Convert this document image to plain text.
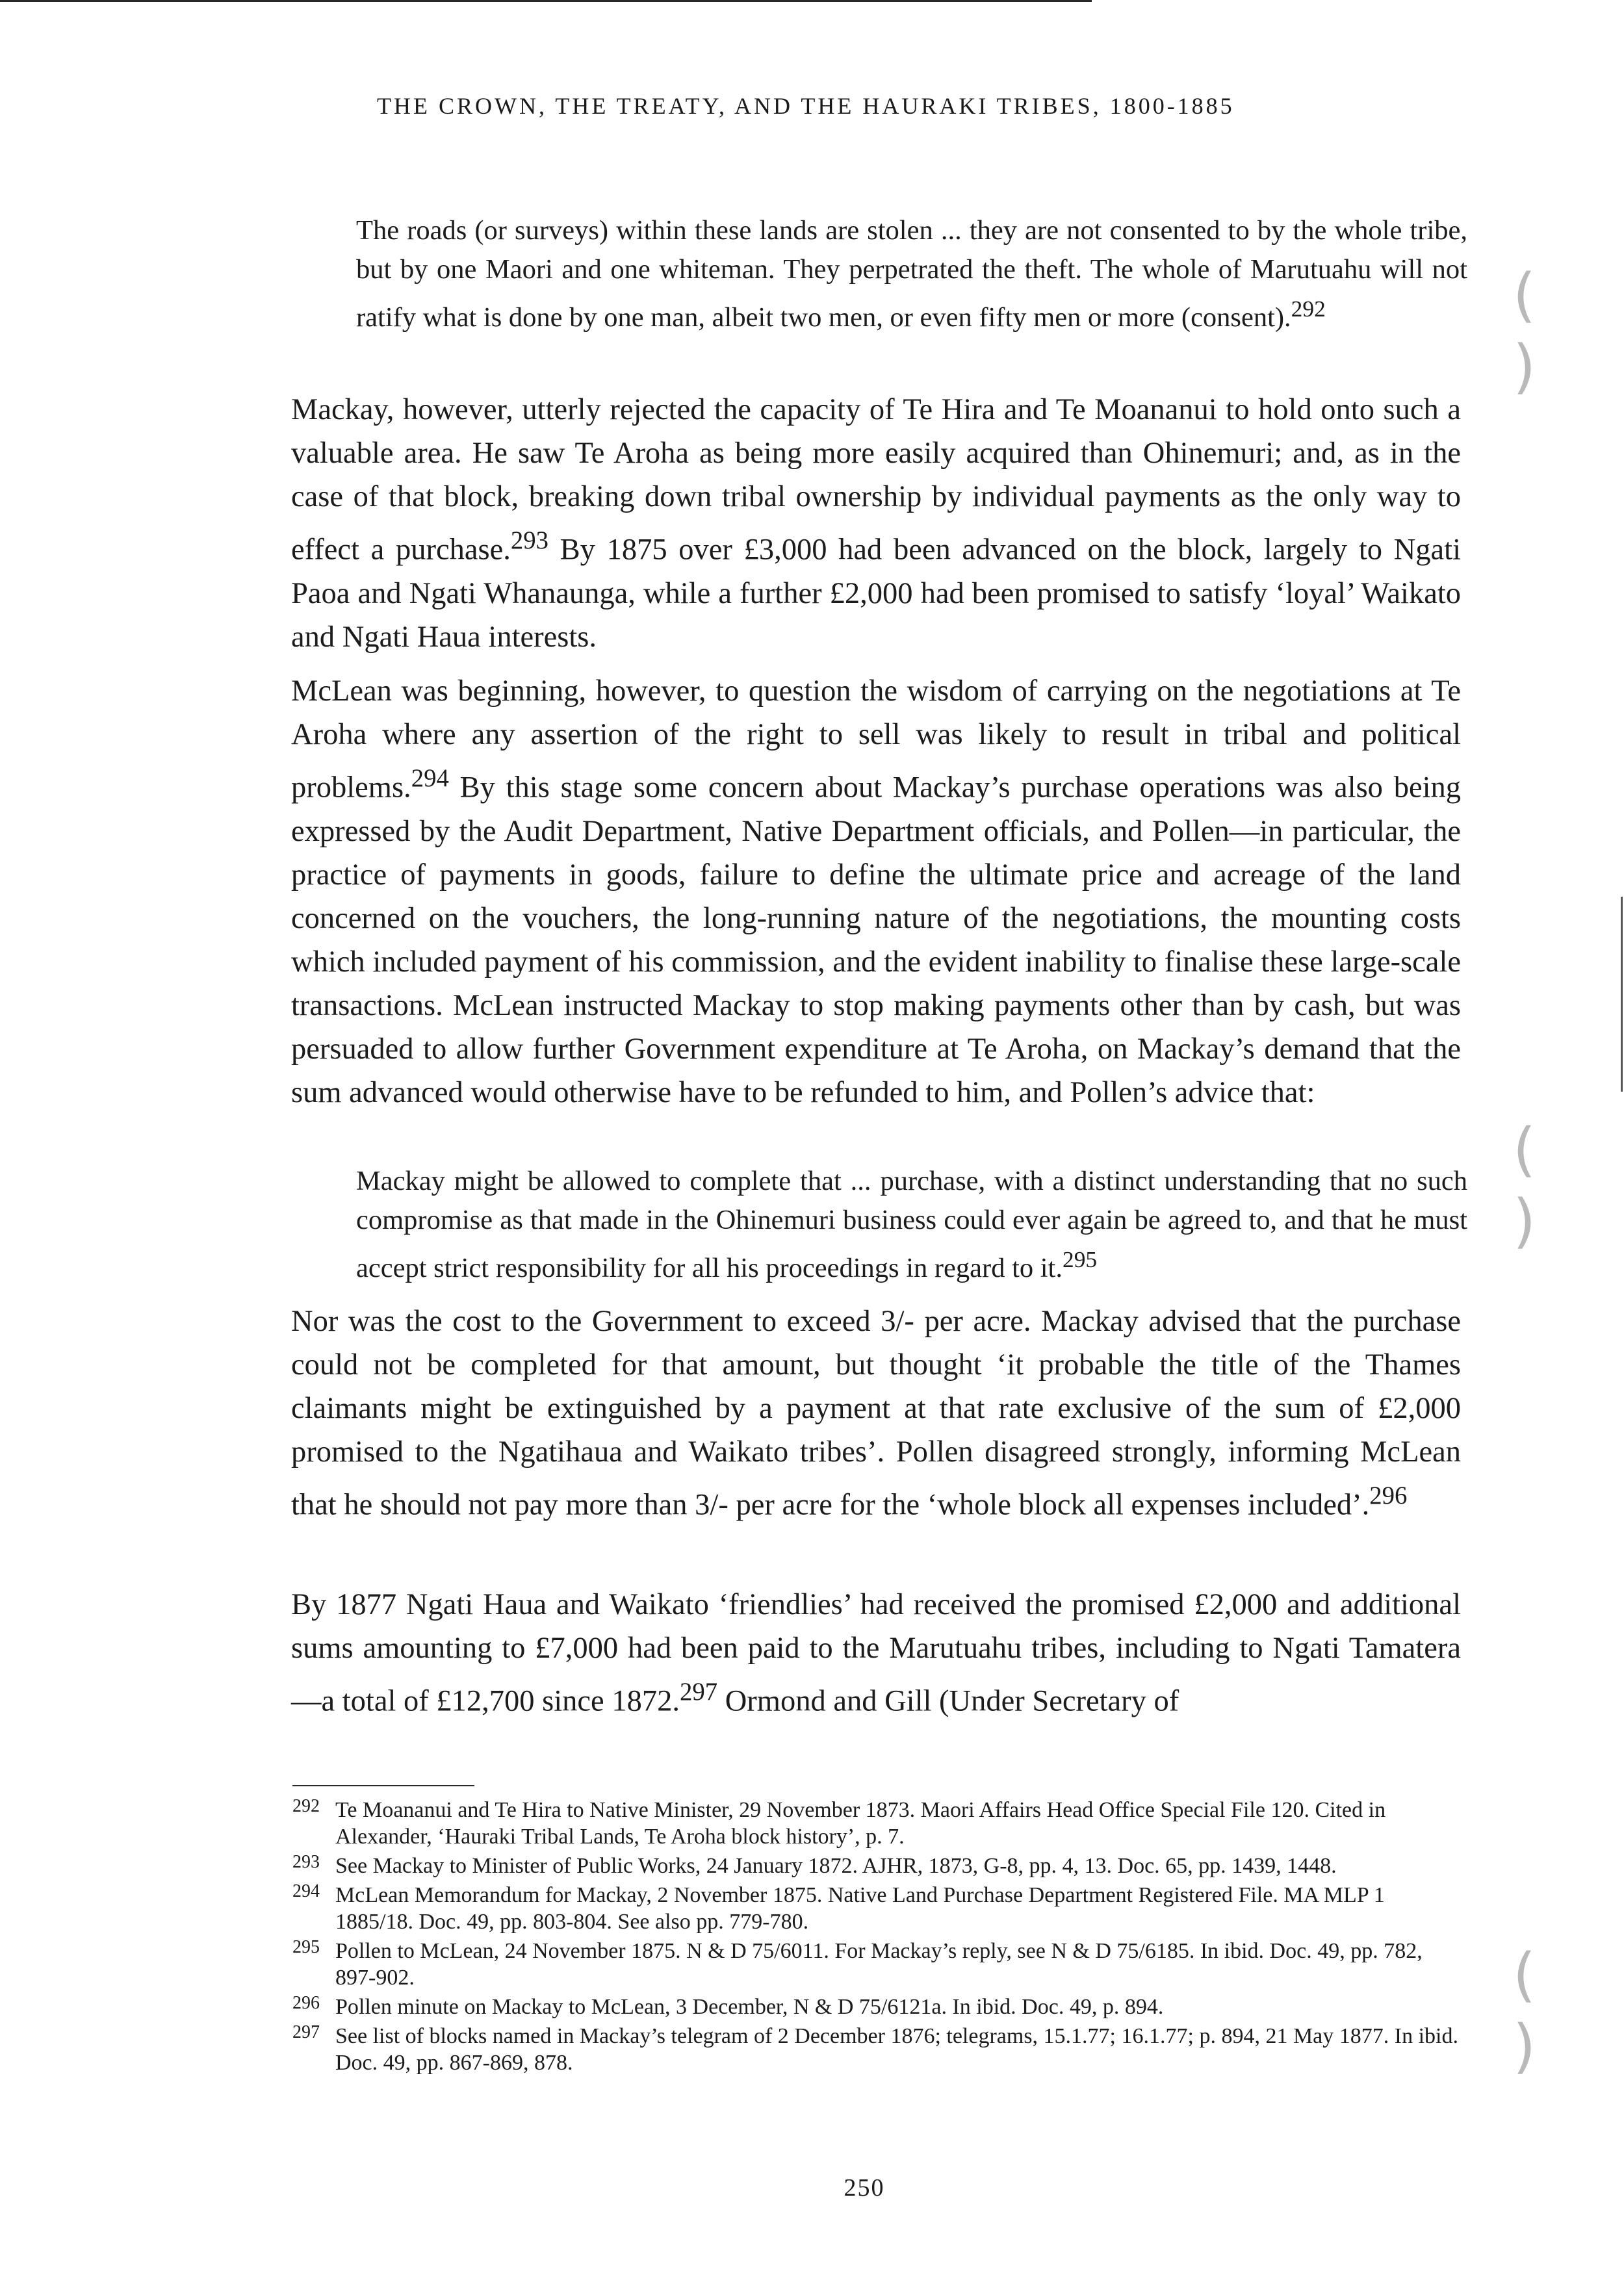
THE CROWN, THE TREATY, AND THE HAURAKI TRIBES, 1800-1885
The roads (or surveys) within these lands are stolen ... they are not consented to by the whole tribe, but by one Maori and one whiteman. They perpetrated the theft. The whole of Marutuahu will not ratify what is done by one man, albeit two men, or even fifty men or more (consent).$^{292}$
Mackay, however, utterly rejected the capacity of Te Hira and Te Moananui to hold onto such a valuable area. He saw Te Aroha as being more easily acquired than Ohinemuri; and, as in the case of that block, breaking down tribal ownership by individual payments as the only way to effect a purchase.$^{293}$ By 1875 over £3,000 had been advanced on the block, largely to Ngati Paoa and Ngati Whanaunga, while a further £2,000 had been promised to satisfy ‘loyal’ Waikato and Ngati Haua interests.
McLean was beginning, however, to question the wisdom of carrying on the negotiations at Te Aroha where any assertion of the right to sell was likely to result in tribal and political problems.$^{294}$ By this stage some concern about Mackay’s purchase operations was also being expressed by the Audit Department, Native Department officials, and Pollen—in particular, the practice of payments in goods, failure to define the ultimate price and acreage of the land concerned on the vouchers, the long-running nature of the negotiations, the mounting costs which included payment of his commission, and the evident inability to finalise these large-scale transactions. McLean instructed Mackay to stop making payments other than by cash, but was persuaded to allow further Government expenditure at Te Aroha, on Mackay’s demand that the sum advanced would otherwise have to be refunded to him, and Pollen’s advice that:
Mackay might be allowed to complete that ... purchase, with a distinct understanding that no such compromise as that made in the Ohinemuri business could ever again be agreed to, and that he must accept strict responsibility for all his proceedings in regard to it.$^{295}$
Nor was the cost to the Government to exceed 3/- per acre. Mackay advised that the purchase could not be completed for that amount, but thought ‘it probable the title of the Thames claimants might be extinguished by a payment at that rate exclusive of the sum of £2,000 promised to the Ngatihaua and Waikato tribes’. Pollen disagreed strongly, informing McLean that he should not pay more than 3/- per acre for the ‘whole block all expenses included’.$^{296}$
By 1877 Ngati Haua and Waikato ‘friendlies’ had received the promised £2,000 and additional sums amounting to £7,000 had been paid to the Marutuahu tribes, including to Ngati Tamatera—a total of £12,700 since 1872.$^{297}$ Ormond and Gill (Under Secretary of
292 Te Moananui and Te Hira to Native Minister, 29 November 1873. Maori Affairs Head Office Special File 120. Cited in Alexander, ‘Hauraki Tribal Lands, Te Aroha block history’, p. 7.
293 See Mackay to Minister of Public Works, 24 January 1872. AJHR, 1873, G-8, pp. 4, 13. Doc. 65, pp. 1439, 1448.
294 McLean Memorandum for Mackay, 2 November 1875. Native Land Purchase Department Registered File. MA MLP 1 1885/18. Doc. 49, pp. 803-804. See also pp. 779-780.
295 Pollen to McLean, 24 November 1875. N & D 75/6011. For Mackay’s reply, see N & D 75/6185. In ibid. Doc. 49, pp. 782, 897-902.
296 Pollen minute on Mackay to McLean, 3 December, N & D 75/6121a. In ibid. Doc. 49, p. 894.
297 See list of blocks named in Mackay’s telegram of 2 December 1876; telegrams, 15.1.77; 16.1.77; p. 894, 21 May 1877. In ibid. Doc. 49, pp. 867-869, 878.
250
( )
( )
( )
